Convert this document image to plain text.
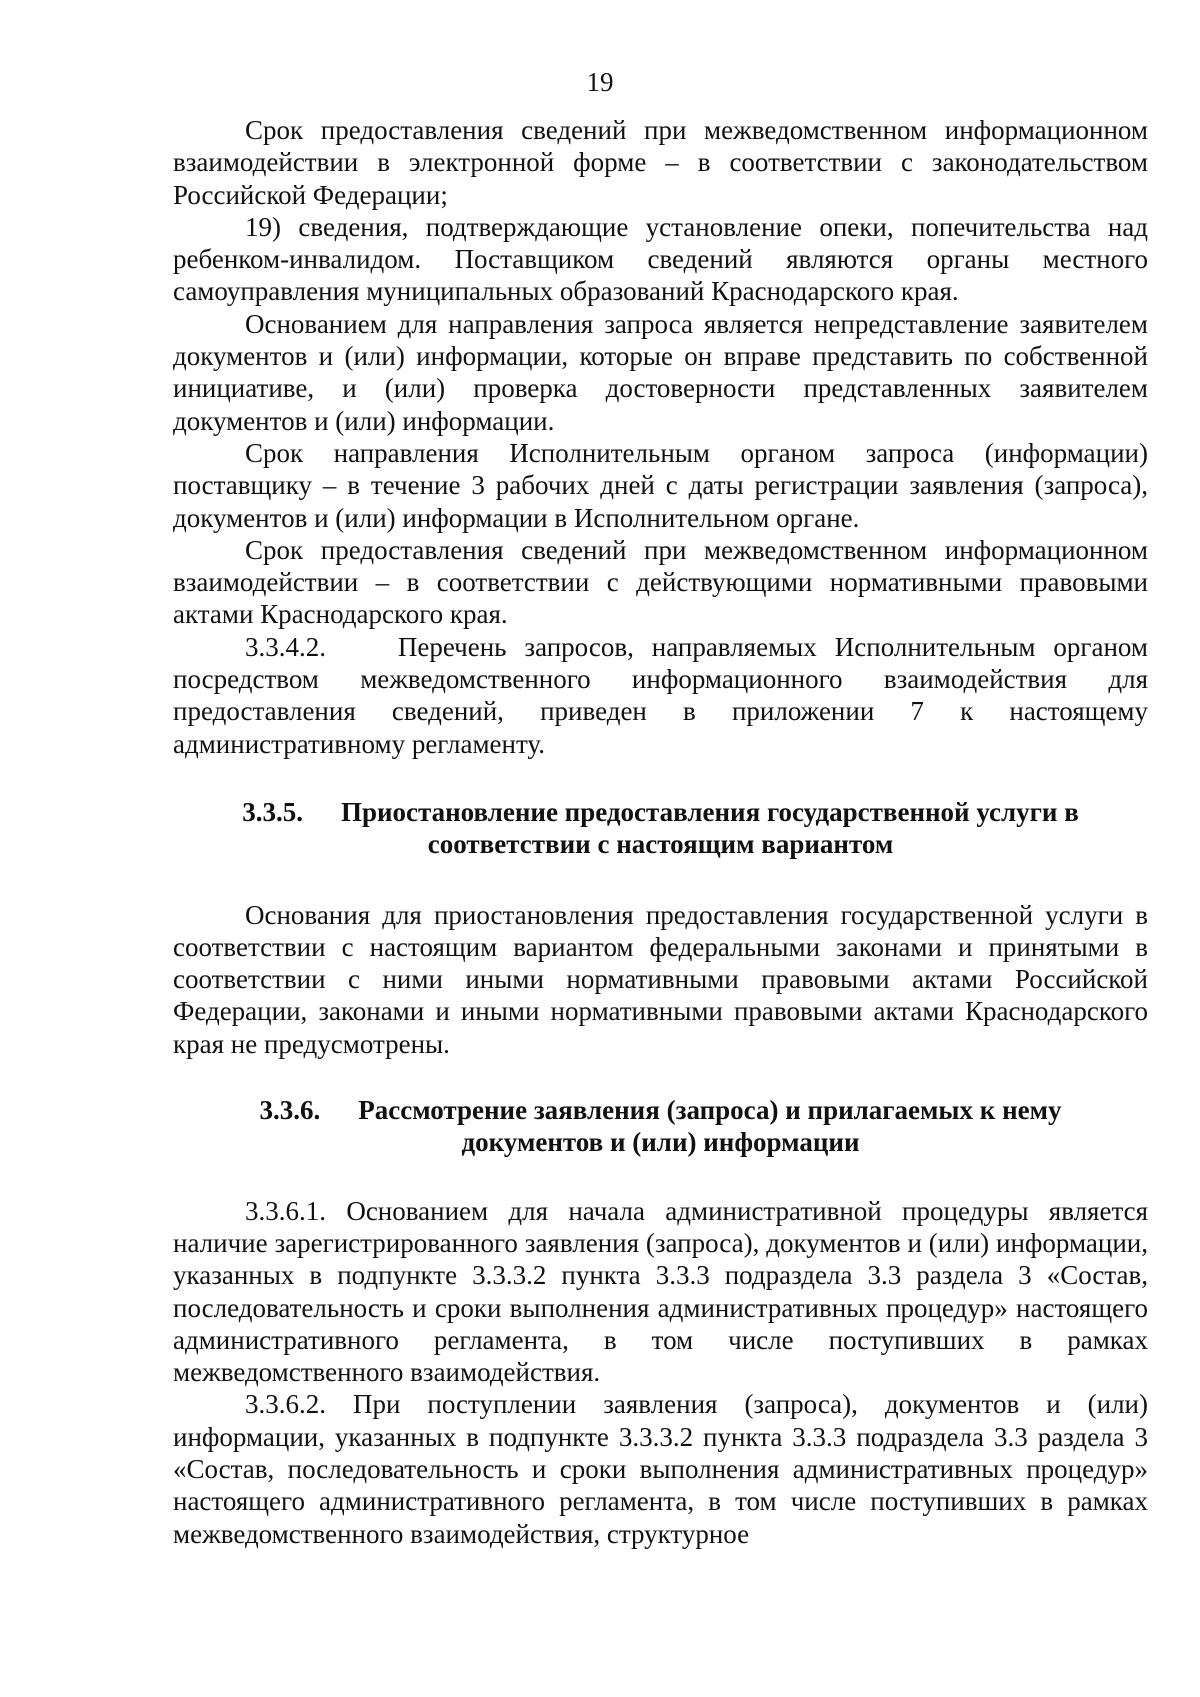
19

Срок предоставления сведений при межведомственном информационном взаимодействии в электронной форме – в соответствии с законодательством Российской Федерации;

19) сведения, подтверждающие установление опеки, попечительства над ребенком-инвалидом. Поставщиком сведений являются органы местного самоуправления муниципальных образований Краснодарского края.

Основанием для направления запроса является непредставление заявителем документов и (или) информации, которые он вправе представить по собственной инициативе, и (или) проверка достоверности представленных заявителем документов и (или) информации.

Срок направления Исполнительным органом запроса (информации) поставщику – в течение 3 рабочих дней с даты регистрации заявления (запроса), документов и (или) информации в Исполнительном органе.

Срок предоставления сведений при межведомственном информационном взаимодействии – в соответствии с действующими нормативными правовыми актами Краснодарского края.

3.3.4.2.    Перечень запросов, направляемых Исполнительным органом посредством межведомственного информационного взаимодействия для предоставления сведений, приведен в приложении 7 к настоящему административному регламенту.

3.3.5. Приостановление предоставления государственной услуги в соответствии с настоящим вариантом

Основания для приостановления предоставления государственной услуги в соответствии с настоящим вариантом федеральными законами и принятыми в соответствии с ними иными нормативными правовыми актами Российской Федерации, законами и иными нормативными правовыми актами Краснодарского края не предусмотрены.

3.3.6. Рассмотрение заявления (запроса) и прилагаемых к нему документов и (или) информации

3.3.6.1. Основанием для начала административной процедуры является наличие зарегистрированного заявления (запроса), документов и (или) информации, указанных в подпункте 3.3.3.2 пункта 3.3.3 подраздела 3.3 раздела 3 «Состав, последовательность и сроки выполнения административных процедур» настоящего административного регламента, в том числе поступивших в рамках межведомственного взаимодействия.

3.3.6.2. При поступлении заявления (запроса), документов и (или) информации, указанных в подпункте 3.3.3.2 пункта 3.3.3 подраздела 3.3 раздела 3 «Состав, последовательность и сроки выполнения административных процедур» настоящего административного регламента, в том числе поступивших в рамках межведомственного взаимодействия, структурное
